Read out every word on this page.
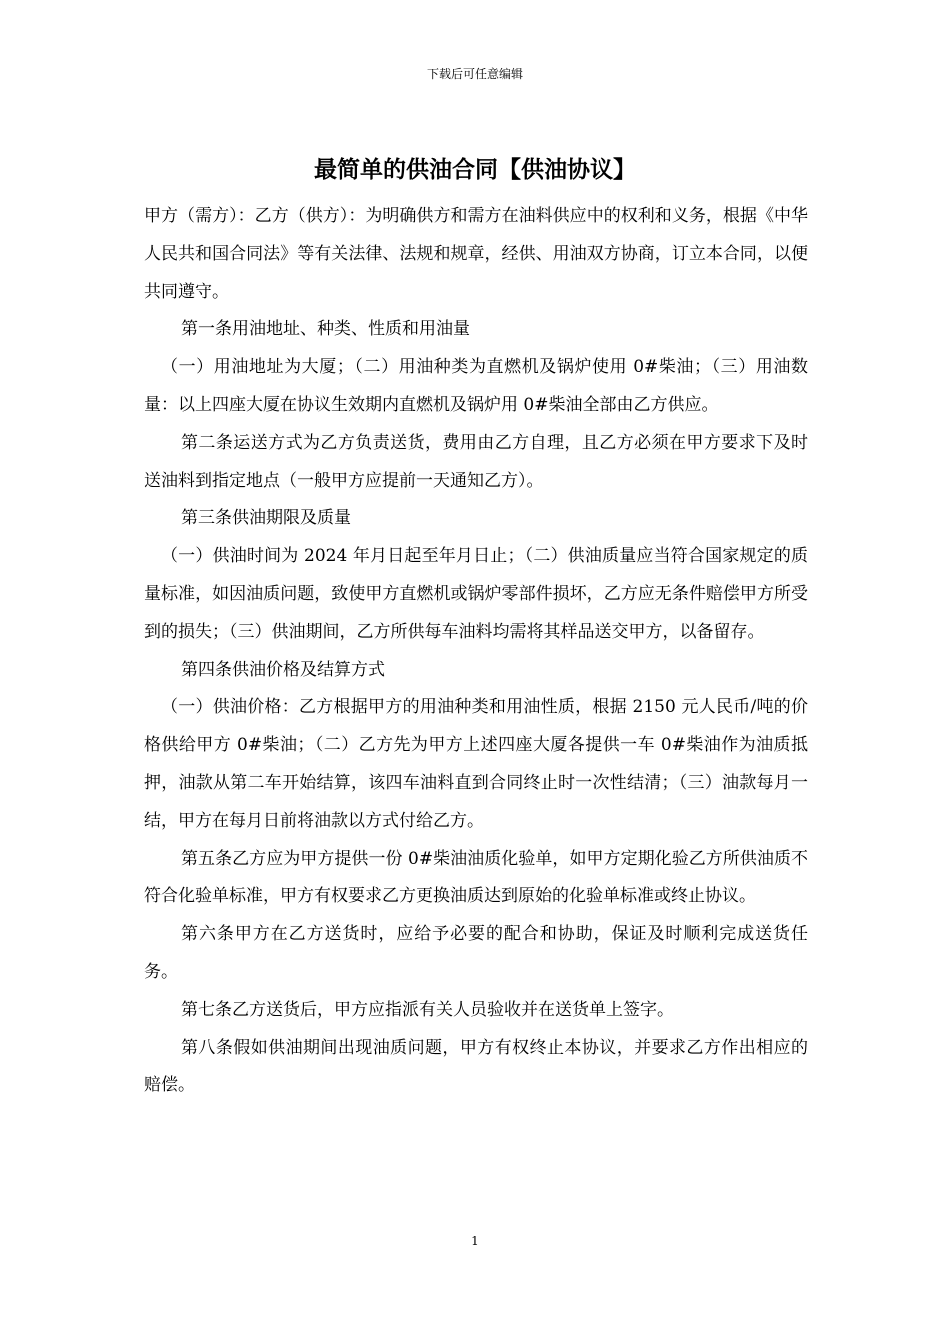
下载后可任意编辑
最简单的供油合同【供油协议】

甲方（需方）：乙方（供方）：为明确供方和需方在油料供应中的权利和义务，根据《中华人民共和国合同法》等有关法律、法规和规章，经供、用油双方协商，订立本合同，以便共同遵守。

第一条用油地址、种类、性质和用油量

（一）用油地址为大厦；（二）用油种类为直燃机及锅炉使用 0#柴油；（三）用油数量：以上四座大厦在协议生效期内直燃机及锅炉用 0#柴油全部由乙方供应。

第二条运送方式为乙方负责送货，费用由乙方自理，且乙方必须在甲方要求下及时送油料到指定地点（一般甲方应提前一天通知乙方）。

第三条供油期限及质量

（一）供油时间为 2024 年月日起至年月日止；（二）供油质量应当符合国家规定的质量标准，如因油质问题，致使甲方直燃机或锅炉零部件损坏，乙方应无条件赔偿甲方所受到的损失；（三）供油期间，乙方所供每车油料均需将其样品送交甲方，以备留存。

第四条供油价格及结算方式

（一）供油价格：乙方根据甲方的用油种类和用油性质，根据 2150 元人民币/吨的价格供给甲方 0#柴油；（二）乙方先为甲方上述四座大厦各提供一车 0#柴油作为油质抵押，油款从第二车开始结算，该四车油料直到合同终止时一次性结清；（三）油款每月一结，甲方在每月日前将油款以方式付给乙方。

第五条乙方应为甲方提供一份 0#柴油油质化验单，如甲方定期化验乙方所供油质不符合化验单标准，甲方有权要求乙方更换油质达到原始的化验单标准或终止协议。

第六条甲方在乙方送货时，应给予必要的配合和协助，保证及时顺利完成送货任务。

第七条乙方送货后，甲方应指派有关人员验收并在送货单上签字。

第八条假如供油期间出现油质问题，甲方有权终止本协议，并要求乙方作出相应的赔偿。

1
